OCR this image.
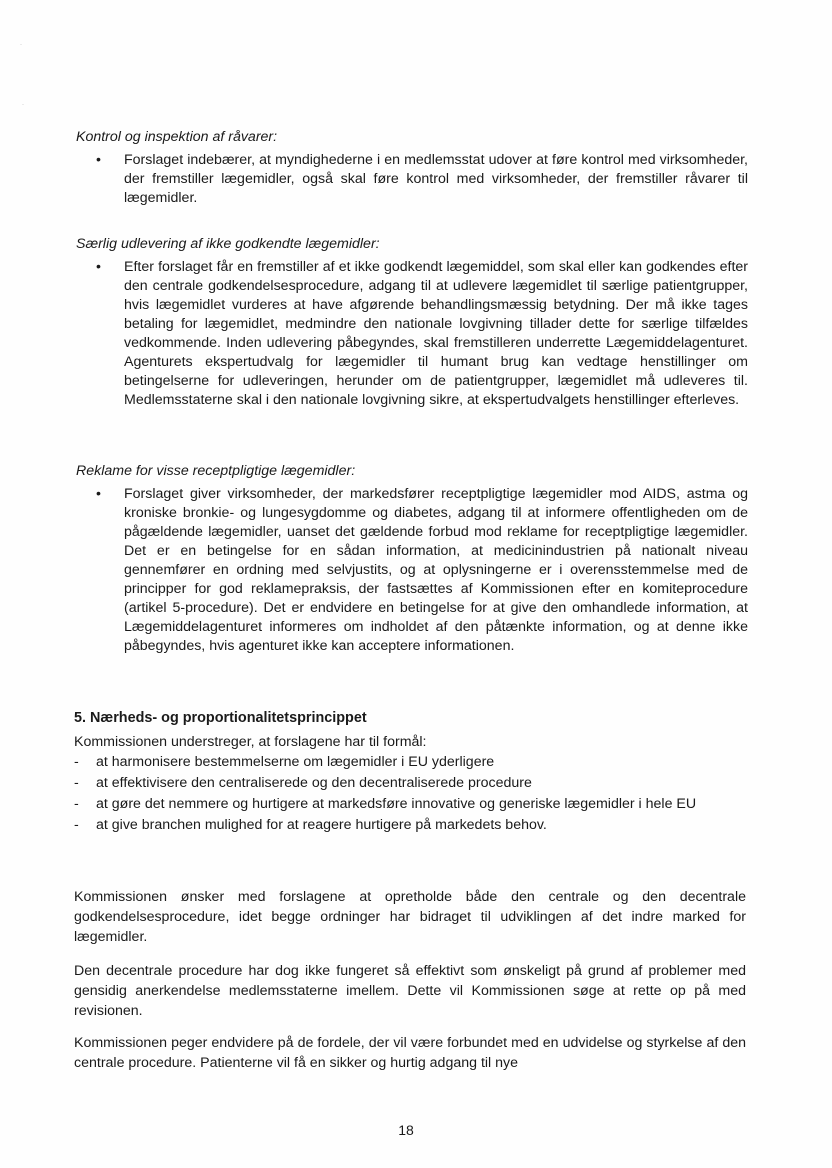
·
·

Kontrol og inspektion af råvarer:

•	Forslaget indebærer, at myndighederne i en medlemsstat udover at føre kontrol med virksomheder, der fremstiller lægemidler, også skal føre kontrol med virksomheder, der fremstiller råvarer til lægemidler.

Særlig udlevering af ikke godkendte lægemidler:

•	Efter forslaget får en fremstiller af et ikke godkendt lægemiddel, som skal eller kan godkendes efter den centrale godkendelsesprocedure, adgang til at udlevere lægemidlet til særlige patientgrupper, hvis lægemidlet vurderes at have afgørende behandlingsmæssig betydning. Der må ikke tages betaling for lægemidlet, medmindre den nationale lovgivning tillader dette for særlige tilfældes vedkommende. Inden udlevering påbegyndes, skal fremstilleren underrette Lægemiddelagenturet. Agenturets ekspertudvalg for lægemidler til humant brug kan vedtage henstillinger om betingelserne for udleveringen, herunder om de patientgrupper, lægemidlet må udleveres til. Medlemsstaterne skal i den nationale lovgivning sikre, at ekspertudvalgets henstillinger efterleves.

Reklame for visse receptpligtige lægemidler:

•	Forslaget giver virksomheder, der markedsfører receptpligtige lægemidler mod AIDS, astma og kroniske bronkie- og lungesygdomme og diabetes, adgang til at informere offentligheden om de pågældende lægemidler, uanset det gældende forbud mod reklame for receptpligtige lægemidler. Det er en betingelse for en sådan information, at medicinindustrien på nationalt niveau gennemfører en ordning med selvjustits, og at oplysningerne er i overensstemmelse med de principper for god reklamepraksis, der fastsættes af Kommissionen efter en komiteprocedure (artikel 5-procedure). Det er endvidere en betingelse for at give den omhandlede information, at Lægemiddelagenturet informeres om indholdet af den påtænkte information, og at denne ikke påbegyndes, hvis agenturet ikke kan acceptere informationen.

5. Nærheds- og proportionalitetsprincippet

Kommissionen understreger, at forslagene har til formål:

- at harmonisere bestemmelserne om lægemidler i EU yderligere
- at effektivisere den centraliserede og den decentraliserede procedure
- at gøre det nemmere og hurtigere at markedsføre innovative og generiske lægemidler i hele EU
- at give branchen mulighed for at reagere hurtigere på markedets behov.

Kommissionen ønsker med forslagene at opretholde både den centrale og den decentrale godkendelsesprocedure, idet begge ordninger har bidraget til udviklingen af det indre marked for lægemidler.

Den decentrale procedure har dog ikke fungeret så effektivt som ønskeligt på grund af problemer med gensidig anerkendelse medlemsstaterne imellem. Dette vil Kommissionen søge at rette op på med revisionen.

Kommissionen peger endvidere på de fordele, der vil være forbundet med en udvidelse og styrkelse af den centrale procedure. Patienterne vil få en sikker og hurtig adgang til nye

18
